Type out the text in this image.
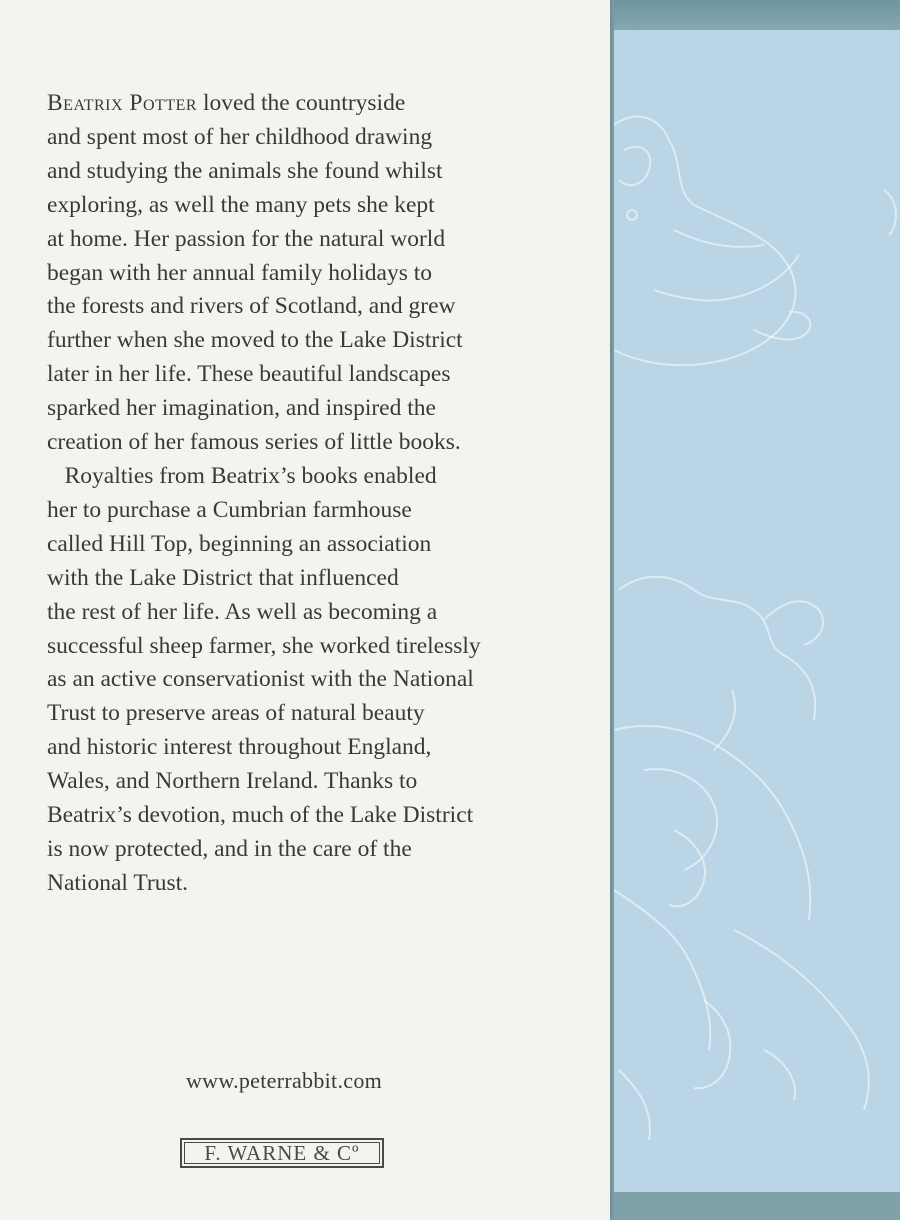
Beatrix Potter loved the countryside
and spent most of her childhood drawing
and studying the animals she found whilst
exploring, as well the many pets she kept
at home. Her passion for the natural world
began with her annual family holidays to
the forests and rivers of Scotland, and grew
further when she moved to the Lake District
later in her life. These beautiful landscapes
sparked her imagination, and inspired the
creation of her famous series of little books.
Royalties from Beatrix’s books enabled
her to purchase a Cumbrian farmhouse
called Hill Top, beginning an association
with the Lake District that influenced
the rest of her life. As well as becoming a
successful sheep farmer, she worked tirelessly
as an active conservationist with the National
Trust to preserve areas of natural beauty
and historic interest throughout England,
Wales, and Northern Ireland. Thanks to
Beatrix’s devotion, much of the Lake District
is now protected, and in the care of the
National Trust.
www.peterrabbit.com
F. WARNE & Cº
